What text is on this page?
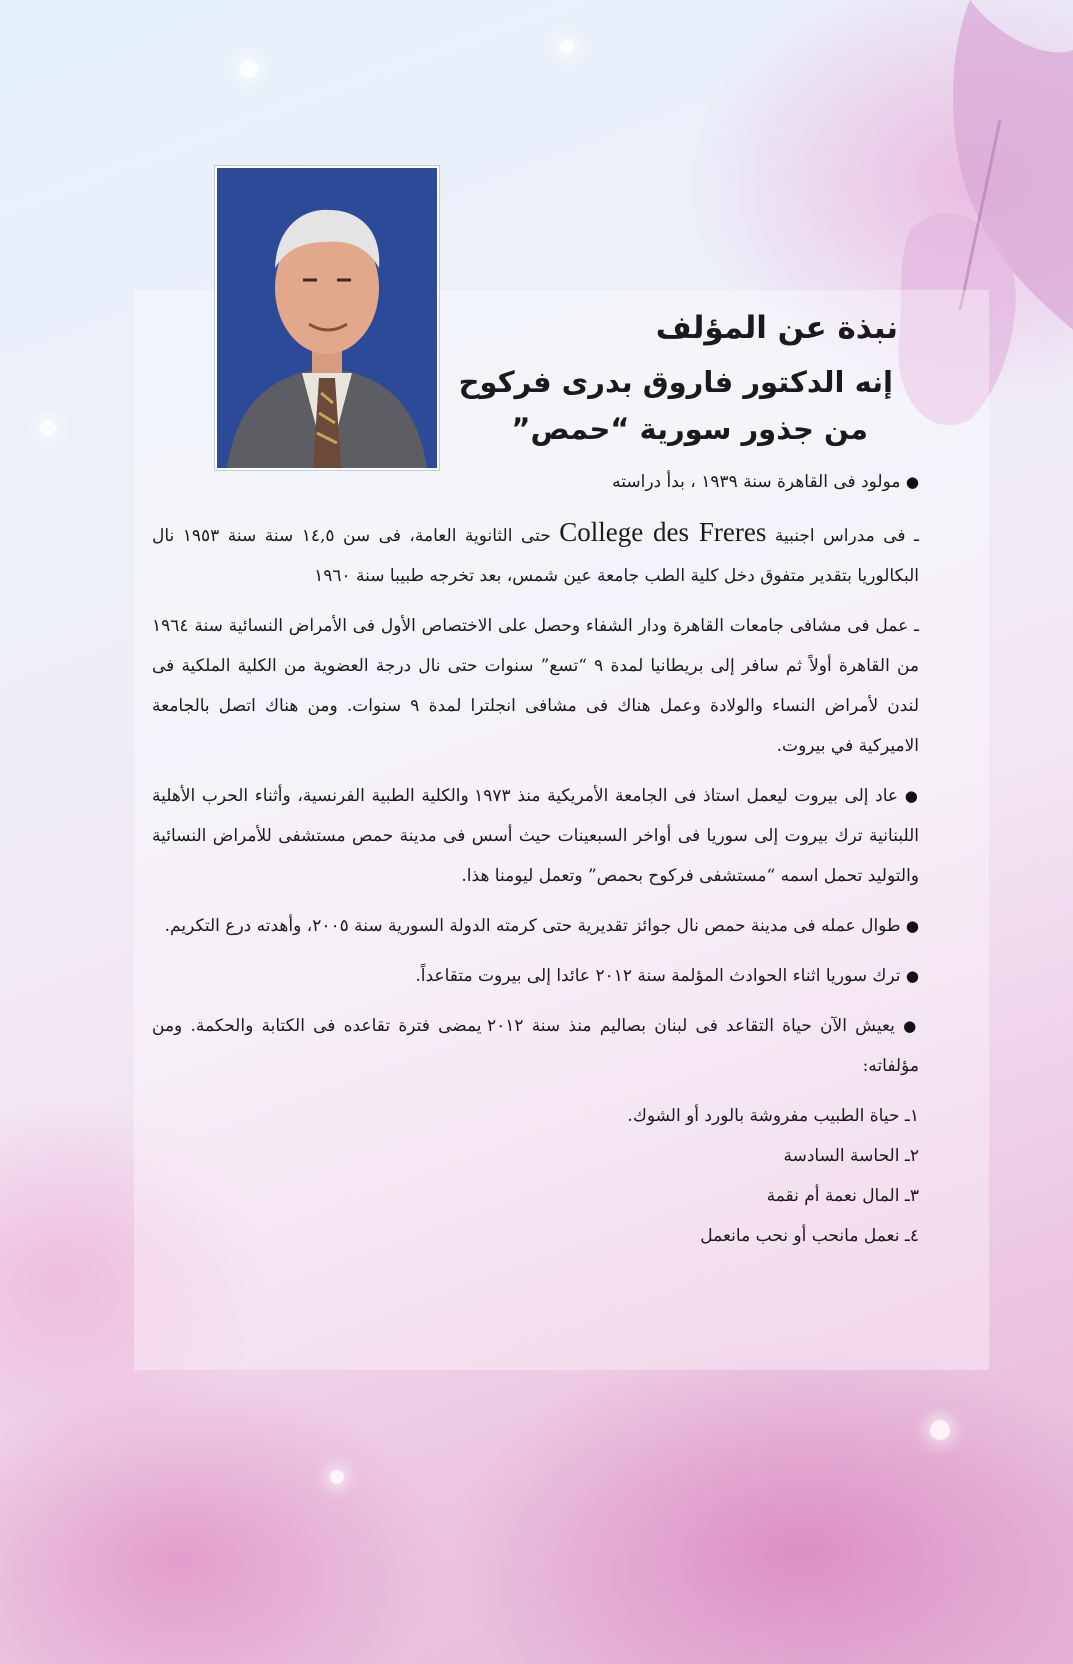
نبذة عن المؤلف
إنه الدكتور فاروق بدرى فركوح
من جذور سورية “حمص”

● مولود فى القاهرة سنة ١٩٣٩ ، بدأ دراسته

ـ فى مدراس اجنبية College des Freres حتى الثانوية العامة، فى سن ١٤,٥ سنة سنة ١٩٥٣ نال البكالوريا بتقدير متفوق دخل كلية الطب جامعة عين شمس، بعد تخرجه طبيبا سنة ١٩٦٠

ـ عمل فى مشافى جامعات القاهرة ودار الشفاء وحصل على الاختصاص الأول فى الأمراض النسائية سنة ١٩٦٤ من القاهرة أولاً ثم سافر إلى بريطانيا لمدة ٩ “تسع” سنوات حتى نال درجة العضوية من الكلية الملكية فى لندن لأمراض النساء والولادة وعمل هناك فى مشافى انجلترا لمدة ٩ سنوات. ومن هناك اتصل بالجامعة الاميركية في بيروت.

● عاد إلى بيروت ليعمل استاذ فى الجامعة الأمريكية منذ ١٩٧٣ والكلية الطبية الفرنسية، وأثناء الحرب الأهلية اللبنانية ترك بيروت إلى سوريا فى أواخر السبعينات حيث أسس فى مدينة حمص مستشفى للأمراض النسائية والتوليد تحمل اسمه “مستشفى فركوح بحمص” وتعمل ليومنا هذا.

● طوال عمله فى مدينة حمص نال جوائز تقديرية حتى كرمته الدولة السورية سنة ٢٠٠٥، وأهدته درع التكريم.

● ترك سوريا اثناء الحوادث المؤلمة سنة ٢٠١٢ عائدا إلى بيروت متقاعداً.

● يعيش الآن حياة التقاعد فى لبنان بصاليم منذ سنة ٢٠١٢ يمضى فترة تقاعده فى الكتابة والحكمة. ومن مؤلفاته:

١ـ حياة الطبيب مفروشة بالورد أو الشوك.

٢ـ الحاسة السادسة

٣ـ المال نعمة أم نقمة

٤ـ نعمل مانحب أو نحب مانعمل
